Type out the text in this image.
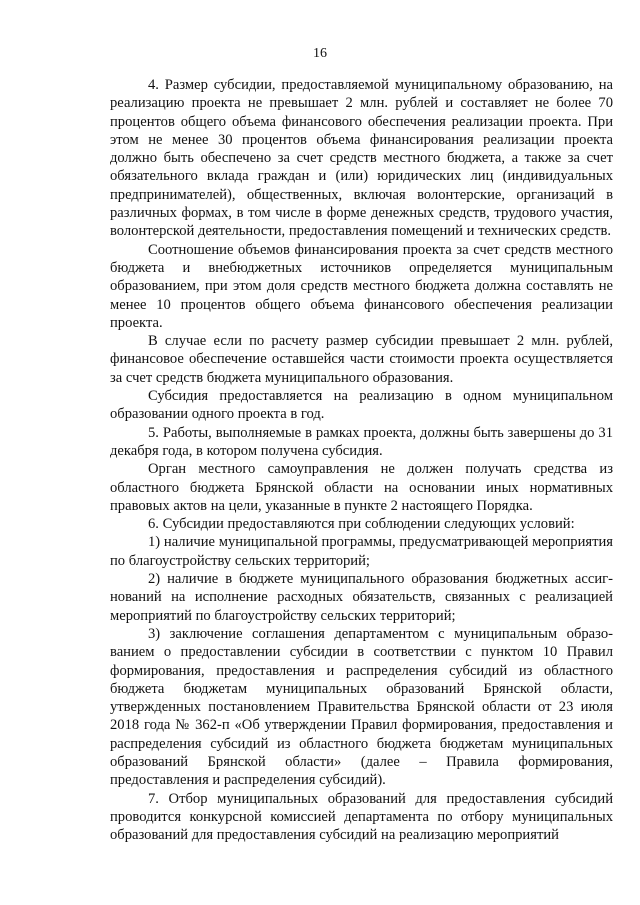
16

4. Размер субсидии, предоставляемой муниципальному образованию, на реализацию проекта не превышает 2 млн. рублей и составляет не более 70 процентов общего объема финансового обеспечения реализации проекта. При этом не менее 30 процентов объема финансирования реализации проекта должно быть обеспечено за счет средств местного бюджета, а также за счет обязательного вклада граждан и (или) юридических лиц (индивидуальных предпринимателей), общественных, включая волонтерские, организаций в различных формах, в том числе в форме денежных средств, трудового участия, волонтерской деятельности, предоставления помещений и технических средств.

Соотношение объемов финансирования проекта за счет средств местного бюджета и внебюджетных источников определяется муниципальным образованием, при этом доля средств местного бюджета должна составлять не менее 10 процентов общего объема финансового обеспечения реализации проекта.

В случае если по расчету размер субсидии превышает 2 млн. рублей, финансовое обеспечение оставшейся части стоимости проекта осуществляется за счет средств бюджета муниципального образования.

Субсидия предоставляется на реализацию в одном муниципальном образовании одного проекта в год.

5. Работы, выполняемые в рамках проекта, должны быть завершены до 31 декабря года, в котором получена субсидия.

Орган местного самоуправления не должен получать средства из областного бюджета Брянской области на основании иных нормативных правовых актов на цели, указанные в пункте 2 настоящего Порядка.

6. Субсидии предоставляются при соблюдении следующих условий:

1) наличие муниципальной программы, предусматривающей мероприятия по благоустройству сельских территорий;

2) наличие в бюджете муниципального образования бюджетных ассигнований на исполнение расходных обязательств, связанных с реализацией мероприятий по благоустройству сельских территорий;

3) заключение соглашения департаментом с муниципальным образованием о предоставлении субсидии в соответствии с пунктом 10 Правил формирования, предоставления и распределения субсидий из областного бюджета бюджетам муниципальных образований Брянской области, утвержденных постановлением Правительства Брянской области от 23 июля 2018 года № 362-п «Об утверждении Правил формирования, предоставления и распределения субсидий из областного бюджета бюджетам муниципальных образований Брянской области» (далее – Правила формирования, предоставления и распределения субсидий).

7. Отбор муниципальных образований для предоставления субсидий проводится конкурсной комиссией департамента по отбору муниципальных образований для предоставления субсидий на реализацию мероприятий
